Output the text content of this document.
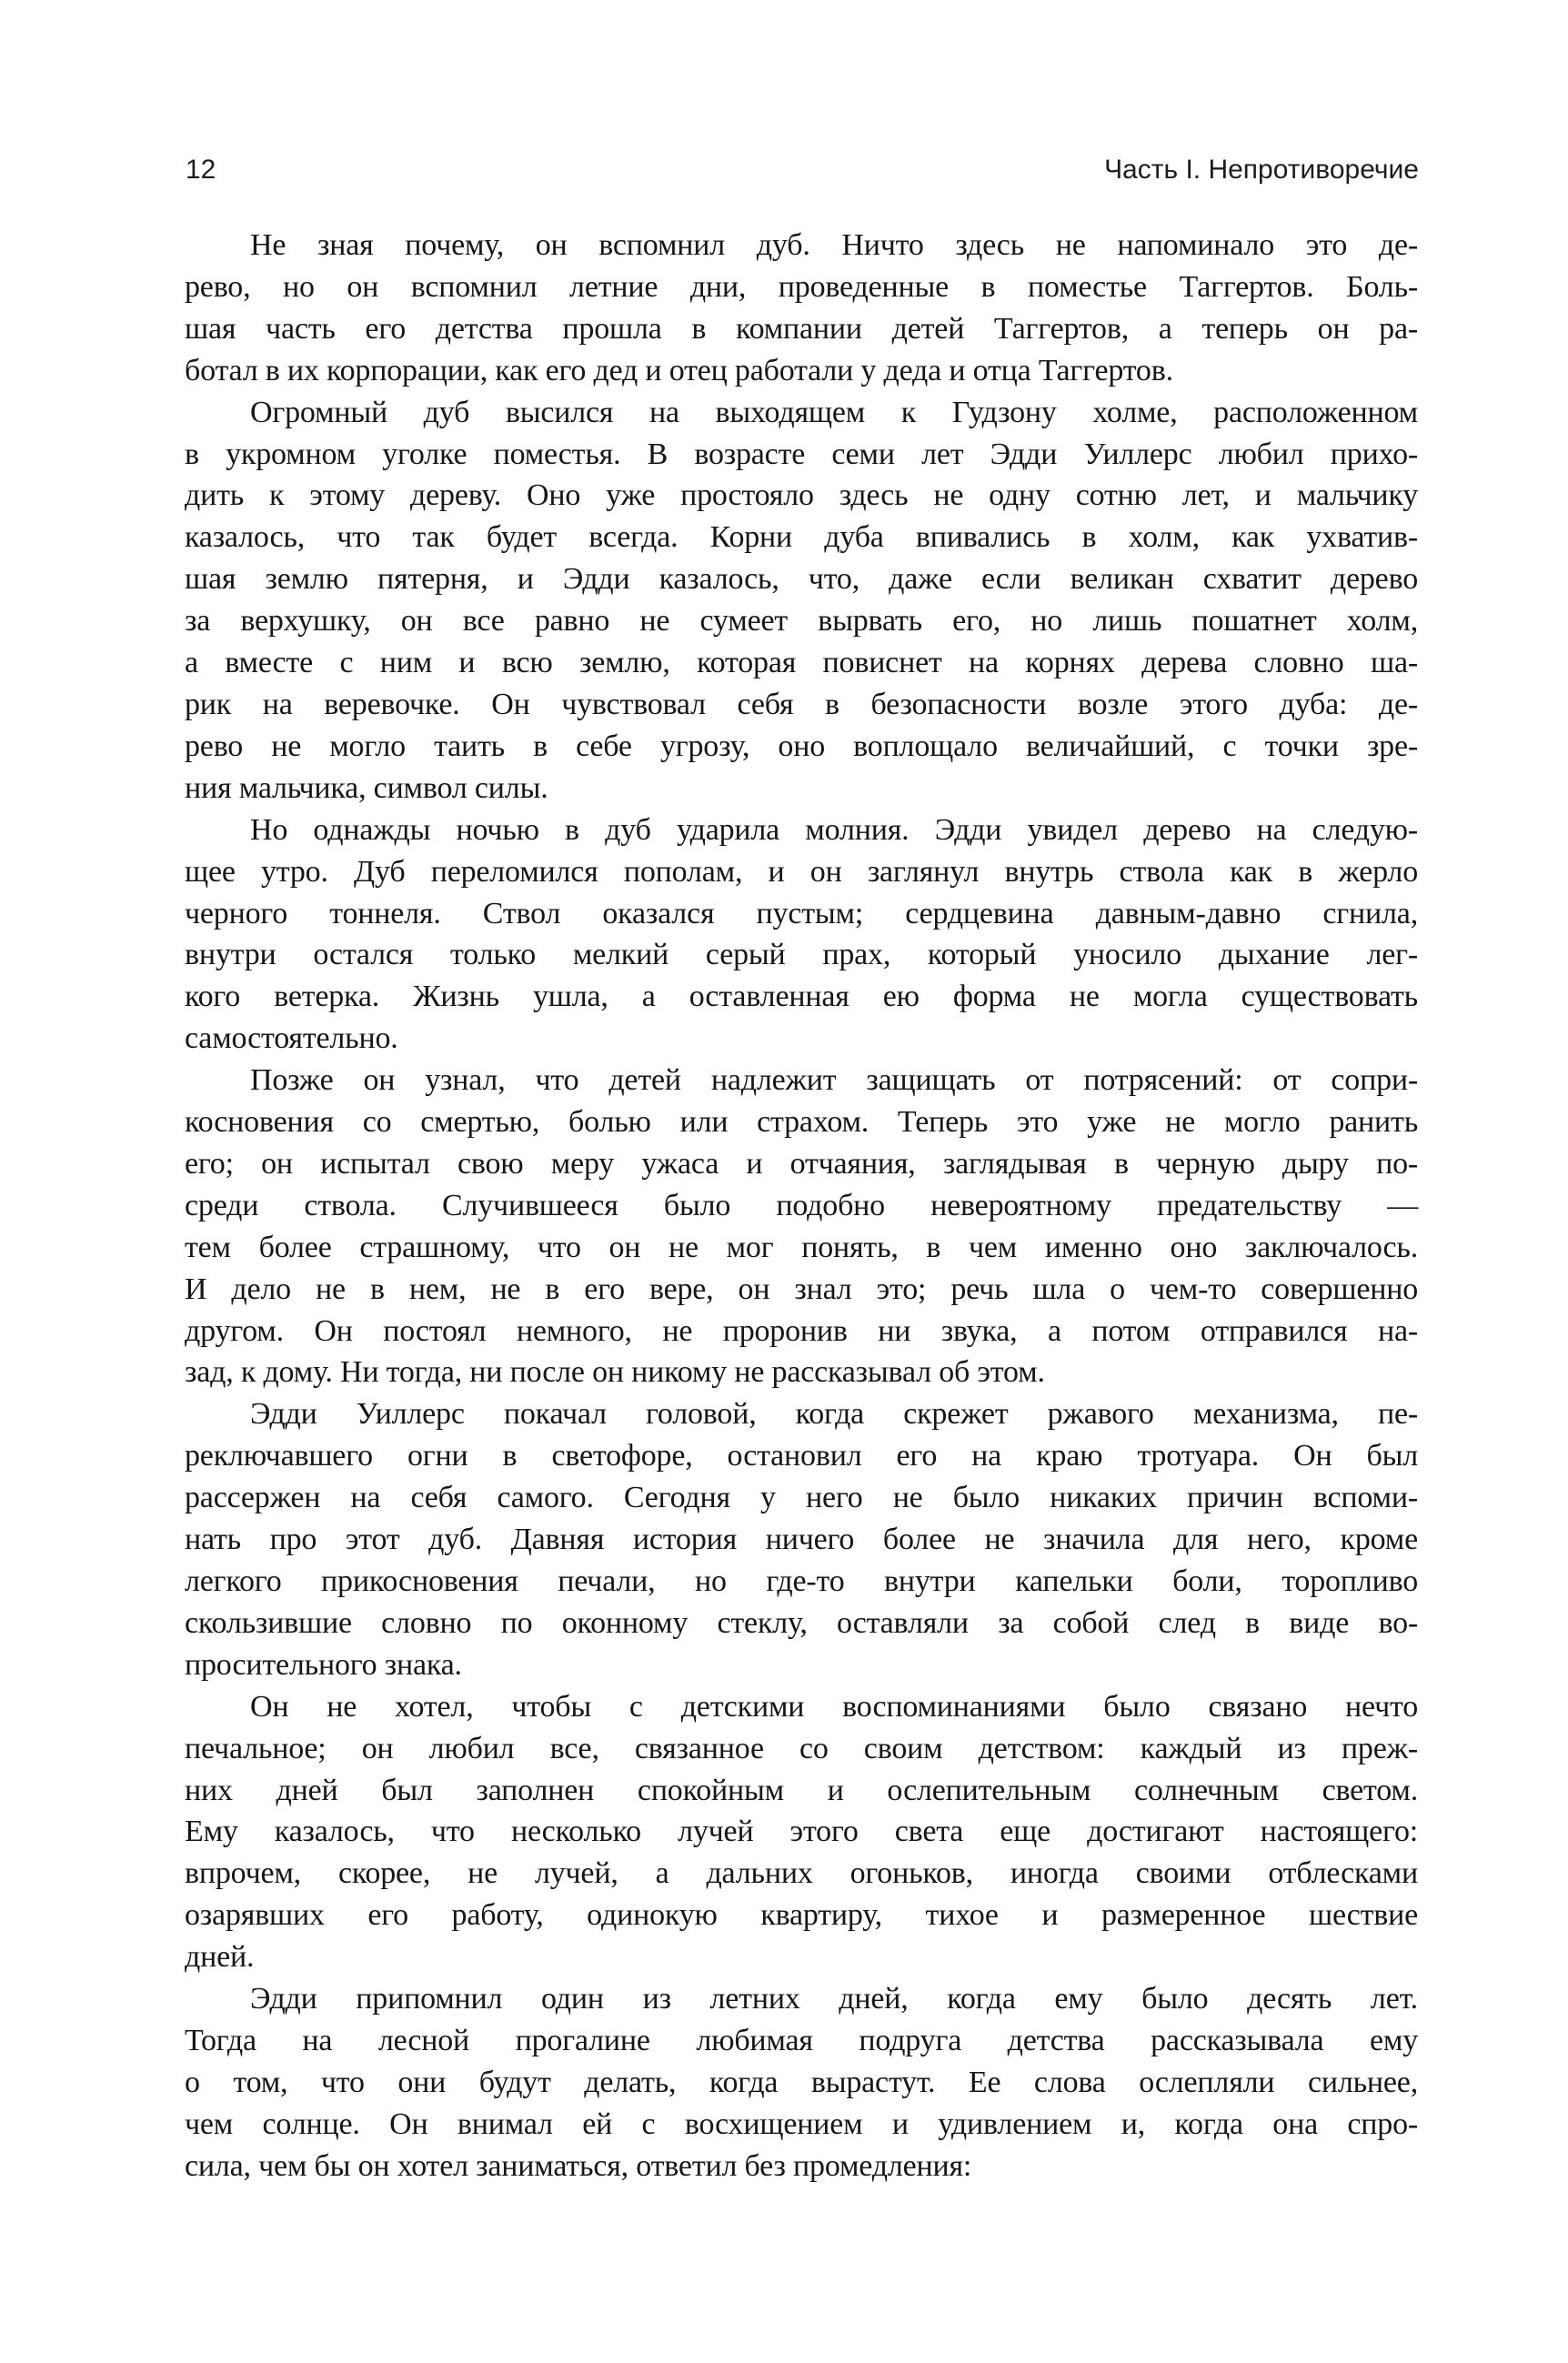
12	Часть I. Непротиворечие

Не зная почему, он вспомнил дуб. Ничто здесь не напоминало это де-
рево, но он вспомнил летние дни, проведенные в поместье Таггертов. Боль-
шая часть его детства прошла в компании детей Таггертов, а теперь он ра-
ботал в их корпорации, как его дед и отец работали у деда и отца Таггертов.

Огромный дуб высился на выходящем к Гудзону холме, расположенном
в укромном уголке поместья. В возрасте семи лет Эдди Уиллерс любил прихо-
дить к этому дереву. Оно уже простояло здесь не одну сотню лет, и мальчику
казалось, что так будет всегда. Корни дуба впивались в холм, как ухватив-
шая землю пятерня, и Эдди казалось, что, даже если великан схватит дерево
за верхушку, он все равно не сумеет вырвать его, но лишь пошатнет холм,
а вместе с ним и всю землю, которая повиснет на корнях дерева словно ша-
рик на веревочке. Он чувствовал себя в безопасности возле этого дуба: де-
рево не могло таить в себе угрозу, оно воплощало величайший, с точки зре-
ния мальчика, символ силы.

Но однажды ночью в дуб ударила молния. Эдди увидел дерево на следую-
щее утро. Дуб переломился пополам, и он заглянул внутрь ствола как в жерло
черного тоннеля. Ствол оказался пустым; сердцевина давным-давно сгнила,
внутри остался только мелкий серый прах, который уносило дыхание лег-
кого ветерка. Жизнь ушла, а оставленная ею форма не могла существовать
самостоятельно.

Позже он узнал, что детей надлежит защищать от потрясений: от сопри-
косновения со смертью, болью или страхом. Теперь это уже не могло ранить
его; он испытал свою меру ужаса и отчаяния, заглядывая в черную дыру по-
среди ствола. Случившееся было подобно невероятному предательству —
тем более страшному, что он не мог понять, в чем именно оно заключалось.
И дело не в нем, не в его вере, он знал это; речь шла о чем-то совершенно
другом. Он постоял немного, не проронив ни звука, а потом отправился на-
зад, к дому. Ни тогда, ни после он никому не рассказывал об этом.

Эдди Уиллерс покачал головой, когда скрежет ржавого механизма, пе-
реключавшего огни в светофоре, остановил его на краю тротуара. Он был
рассержен на себя самого. Сегодня у него не было никаких причин вспоми-
нать про этот дуб. Давняя история ничего более не значила для него, кроме
легкого прикосновения печали, но где-то внутри капельки боли, торопливо
скользившие словно по оконному стеклу, оставляли за собой след в виде во-
просительного знака.

Он не хотел, чтобы с детскими воспоминаниями было связано нечто
печальное; он любил все, связанное со своим детством: каждый из преж-
них дней был заполнен спокойным и ослепительным солнечным светом.
Ему казалось, что несколько лучей этого света еще достигают настоящего:
впрочем, скорее, не лучей, а дальних огоньков, иногда своими отблесками
озарявших его работу, одинокую квартиру, тихое и размеренное шествие
дней.

Эдди припомнил один из летних дней, когда ему было десять лет.
Тогда на лесной прогалине любимая подруга детства рассказывала ему
о том, что они будут делать, когда вырастут. Ее слова ослепляли сильнее,
чем солнце. Он внимал ей с восхищением и удивлением и, когда она спро-
сила, чем бы он хотел заниматься, ответил без промедления:
